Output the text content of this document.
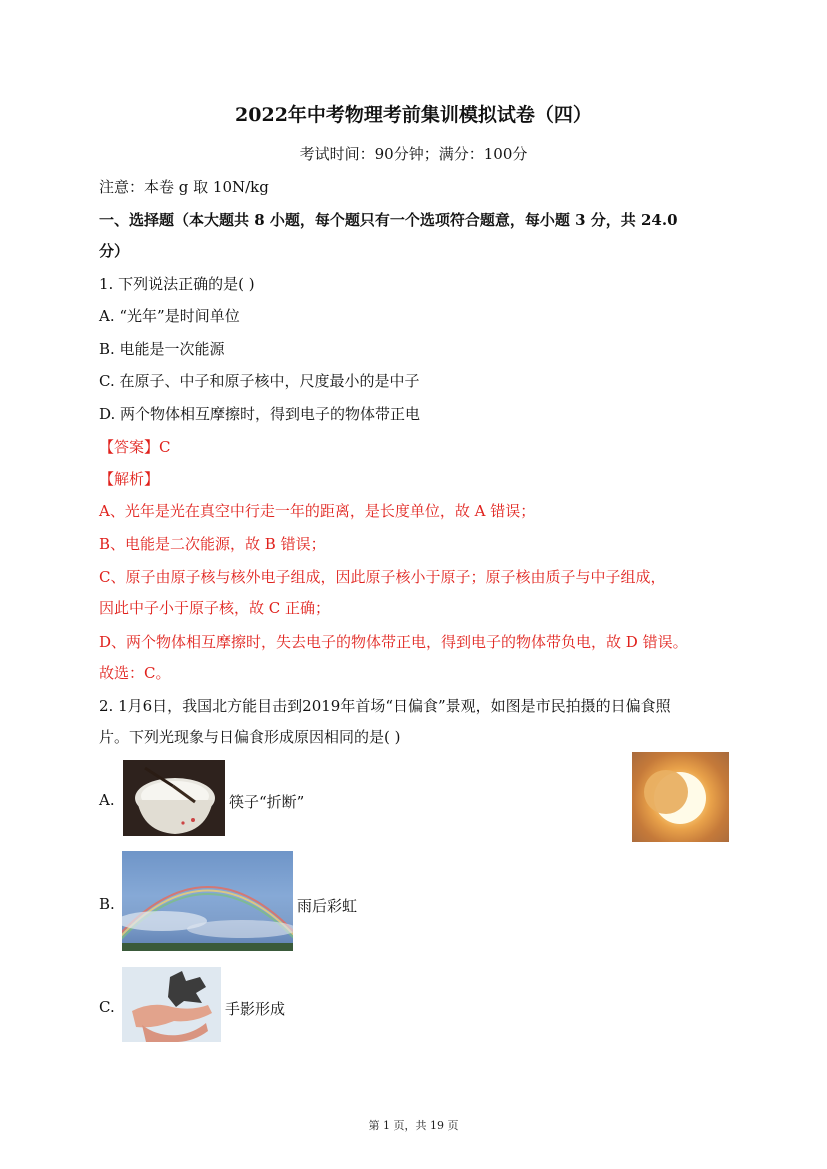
2022年中考物理考前集训模拟试卷（四）
考试时间：90分钟；满分：100分
注意：本卷 g 取 10N/kg
一、选择题（本大题共 8 小题，每个题只有一个选项符合题意，每小题 3 分，共 24.0
分）
1. 下列说法正确的是( )
A. “光年”是时间单位
B. 电能是一次能源
C. 在原子、中子和原子核中，尺度最小的是中子
D. 两个物体相互摩擦时，得到电子的物体带正电
【答案】C
【解析】
A、光年是光在真空中行走一年的距离，是长度单位，故 A 错误；
B、电能是二次能源，故 B 错误；
C、原子由原子核与核外电子组成，因此原子核小于原子；原子核由质子与中子组成，
因此中子小于原子核，故 C 正确；
D、两个物体相互摩擦时，失去电子的物体带正电，得到电子的物体带负电，故 D 错误。
故选：C。
2. 1月6日，我国北方能目击到2019年首场“日偏食”景观，如图是市民拍摄的日偏食照
片。下列光现象与日偏食形成原因相同的是( )
A.	筷子“折断”
B.	雨后彩虹
C.	手影形成
第 1 页，共 19 页
